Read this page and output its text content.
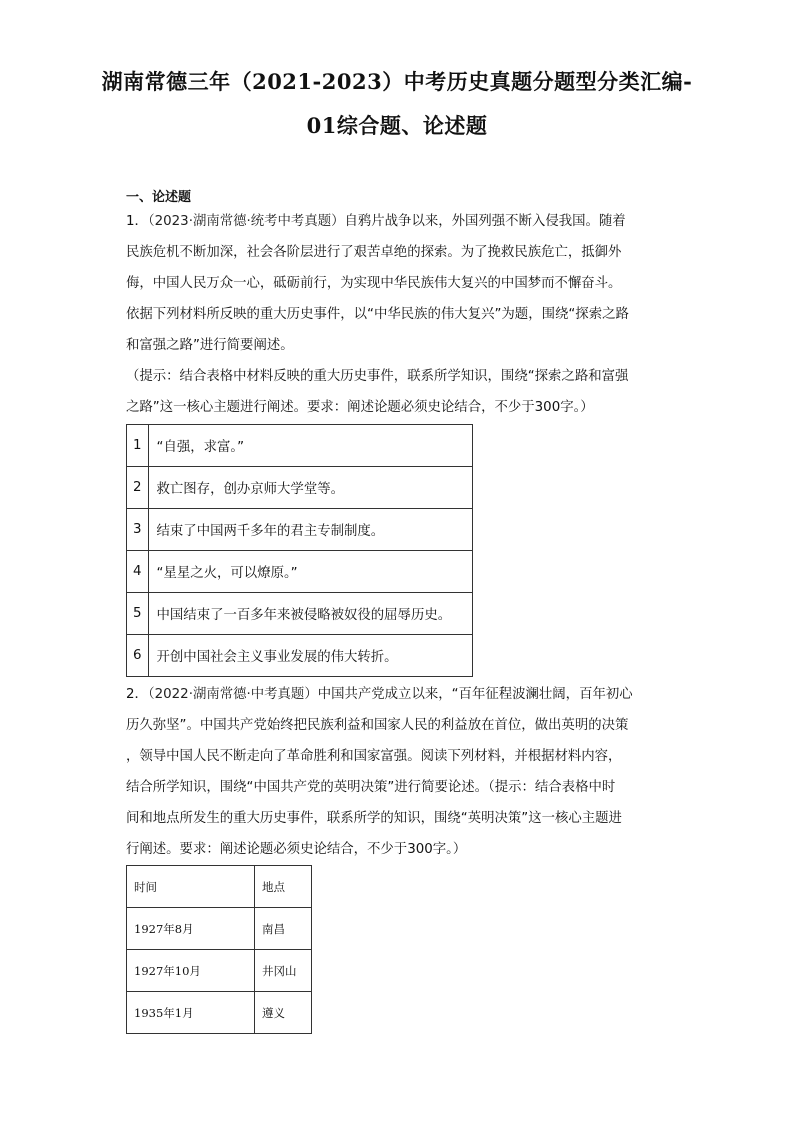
湖南常德三年（2021-2023）中考历史真题分题型分类汇编-
01综合题、论述题
一、论述题
1．（2023·湖南常德·统考中考真题）自鸦片战争以来，外国列强不断入侵我国。随着
民族危机不断加深，社会各阶层进行了艰苦卓绝的探索。为了挽救民族危亡，抵御外
侮，中国人民万众一心，砥砺前行，为实现中华民族伟大复兴的中国梦而不懈奋斗。
依据下列材料所反映的重大历史事件，以“中华民族的伟大复兴”为题，围绕“探索之路
和富强之路”进行简要阐述。
（提示：结合表格中材料反映的重大历史事件，联系所学知识，围绕“探索之路和富强
之路”这一核心主题进行阐述。要求：阐述论题必须史论结合，不少于300字。）
1	“自强，求富。”
2	救亡图存，创办京师大学堂等。
3	结束了中国两千多年的君主专制制度。
4	“星星之火，可以燎原。”
5	中国结束了一百多年来被侵略被奴役的屈辱历史。
6	开创中国社会主义事业发展的伟大转折。
2．（2022·湖南常德·中考真题）中国共产党成立以来，“百年征程波澜壮阔，百年初心
历久弥坚”。中国共产党始终把民族利益和国家人民的利益放在首位，做出英明的决策
，领导中国人民不断走向了革命胜利和国家富强。阅读下列材料，并根据材料内容，
结合所学知识，围绕“中国共产党的英明决策”进行简要论述。（提示：结合表格中时
间和地点所发生的重大历史事件，联系所学的知识，围绕“英明决策”这一核心主题进
行阐述。要求：阐述论题必须史论结合，不少于300字。）
时间	地点
1927年8月	南昌
1927年10月	井冈山
1935年1月	遵义
